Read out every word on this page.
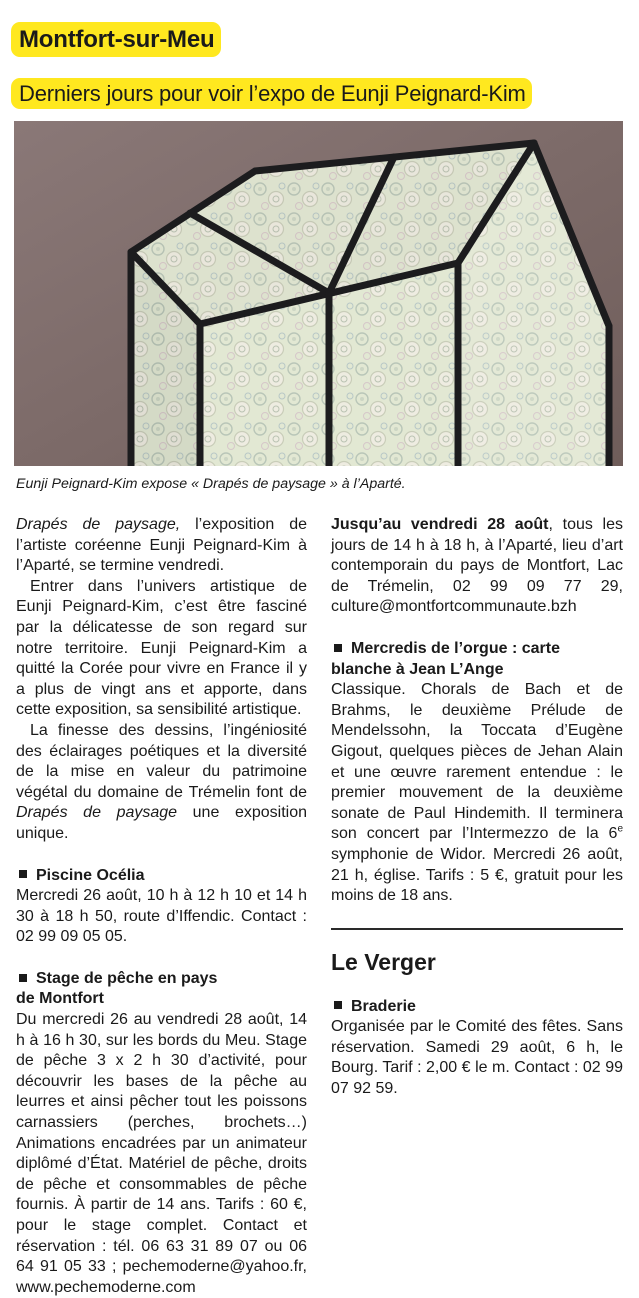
Montfort-sur-Meu
Derniers jours pour voir l’expo de Eunji Peignard-Kim
Eunji Peignard-Kim expose « Drapés de paysage » à l’Aparté.

Drapés de paysage, l’exposition de l’artiste coréenne Eunji Peignard-Kim à l’Aparté, se termine vendredi.

Entrer dans l’univers artistique de Eunji Peignard-Kim, c’est être fasciné par la délicatesse de son regard sur notre territoire. Eunji Peignard-Kim a quitté la Corée pour vivre en France il y a plus de vingt ans et apporte, dans cette exposition, sa sensibilité artistique.

La finesse des dessins, l’ingéniosité des éclairages poétiques et la diversité de la mise en valeur du patrimoine végétal du domaine de Trémelin font de Drapés de paysage une exposition unique.

Piscine Océlia

Mercredi 26 août, 10 h à 12 h 10 et 14 h 30 à 18 h 50, route d’Iffendic. Contact : 02 99 09 05 05.

Stage de pêche en pays
de Montfort

Du mercredi 26 au vendredi 28 août, 14 h à 16 h 30, sur les bords du Meu. Stage de pêche 3 x 2 h 30 d’activité, pour découvrir les bases de la pêche au leurres et ainsi pêcher tout les poissons carnassiers (perches, brochets…) Animations encadrées par un animateur diplômé d’État. Matériel de pêche, droits de pêche et consommables de pêche fournis. À partir de 14 ans. Tarifs : 60 €, pour le stage complet. Contact et réservation : tél. 06 63 31 89 07 ou 06 64 91 05 33 ; pechemoderne@yahoo.fr, www.pechemoderne.com

Jusqu’au vendredi 28 août, tous les jours de 14 h à 18 h, à l’Aparté, lieu d’art contemporain du pays de Montfort, Lac de Trémelin, 02 99 09 77 29, culture@montfortcommunaute.bzh

Mercredis de l’orgue : carte
blanche à Jean L’Ange

Classique. Chorals de Bach et de Brahms, le deuxième Prélude de Mendelssohn, la Toccata d’Eugène Gigout, quelques pièces de Jehan Alain et une œuvre rarement entendue : le premier mouvement de la deuxième sonate de Paul Hindemith. Il terminera son concert par l’Intermezzo de la 6e symphonie de Widor. Mercredi 26 août, 21 h, église. Tarifs : 5 €, gratuit pour les moins de 18 ans.

Le Verger
Braderie

Organisée par le Comité des fêtes. Sans réservation. Samedi 29 août, 6 h, le Bourg. Tarif : 2,00 € le m. Contact : 02 99 07 92 59.
